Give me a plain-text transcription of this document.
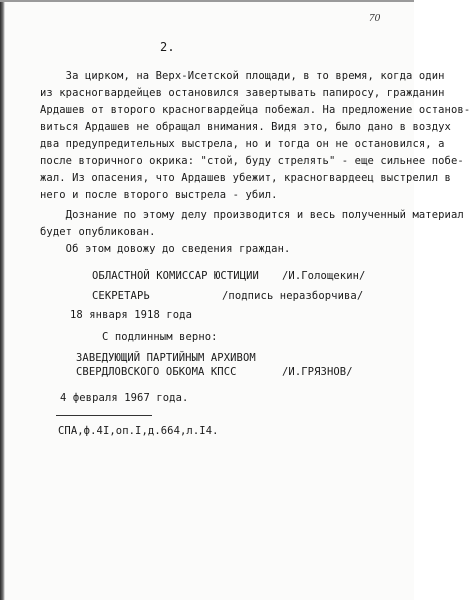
70
2.
За цирком, на Верх-Исетской площади, в то время, когда один
из красногвардейцев остановился завертывать папиросу, гражданин
Ардашев от второго красногвардейца побежал. На предложение останов-
виться Ардашев не обращал внимания. Видя это, было дано в воздух
два предупредительных выстрела, но и тогда он не остановился, а
после вторичного окрика: "стой, буду стрелять" - еще сильнее побе-
жал. Из опасения, что Ардашев убежит, красногвардеец выстрелил в
него и после второго выстрела - убил.
Дознание по этому делу производится и весь полученный материал
будет опубликован.
Об этом довожу до сведения граждан.
ОБЛАСТНОЙ КОМИССАР ЮСТИЦИИ /И.Голощекин/
СЕКРЕТАРЬ	/подпись неразборчива/
18 января 1918 года
С подлинным верно:
ЗАВЕДУЮЩИЙ ПАРТИЙНЫМ АРХИВОМ
СВЕРДЛОВСКОГО ОБКОМА КПСС	/И.ГРЯЗНОВ/
4 февраля 1967 года.
СПА,ф.4I,оп.I,д.664,л.I4.
